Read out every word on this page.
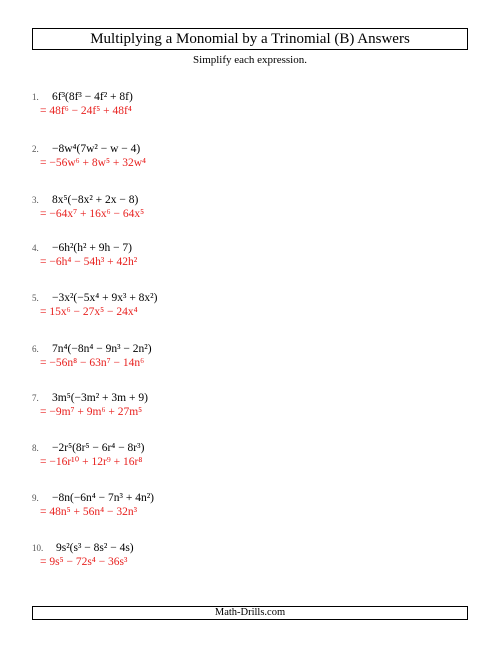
Multiplying a Monomial by a Trinomial (B) Answers
Simplify each expression.
1. 6f³(8f³ − 4f² + 8f)
= 48f⁶ − 24f⁵ + 48f⁴
2. −8w⁴(7w² − w − 4)
= −56w⁶ + 8w⁵ + 32w⁴
3. 8x⁵(−8x² + 2x − 8)
= −64x⁷ + 16x⁶ − 64x⁵
4. −6h²(h² + 9h − 7)
= −6h⁴ − 54h³ + 42h²
5. −3x²(−5x⁴ + 9x³ + 8x²)
= 15x⁶ − 27x⁵ − 24x⁴
6. 7n⁴(−8n⁴ − 9n³ − 2n²)
= −56n⁸ − 63n⁷ − 14n⁶
7. 3m⁵(−3m² + 3m + 9)
= −9m⁷ + 9m⁶ + 27m⁵
8. −2r⁵(8r⁵ − 6r⁴ − 8r³)
= −16r¹⁰ + 12r⁹ + 16r⁸
9. −8n(−6n⁴ − 7n³ + 4n²)
= 48n⁵ + 56n⁴ − 32n³
10. 9s²(s³ − 8s² − 4s)
= 9s⁵ − 72s⁴ − 36s³
Math-Drills.com
